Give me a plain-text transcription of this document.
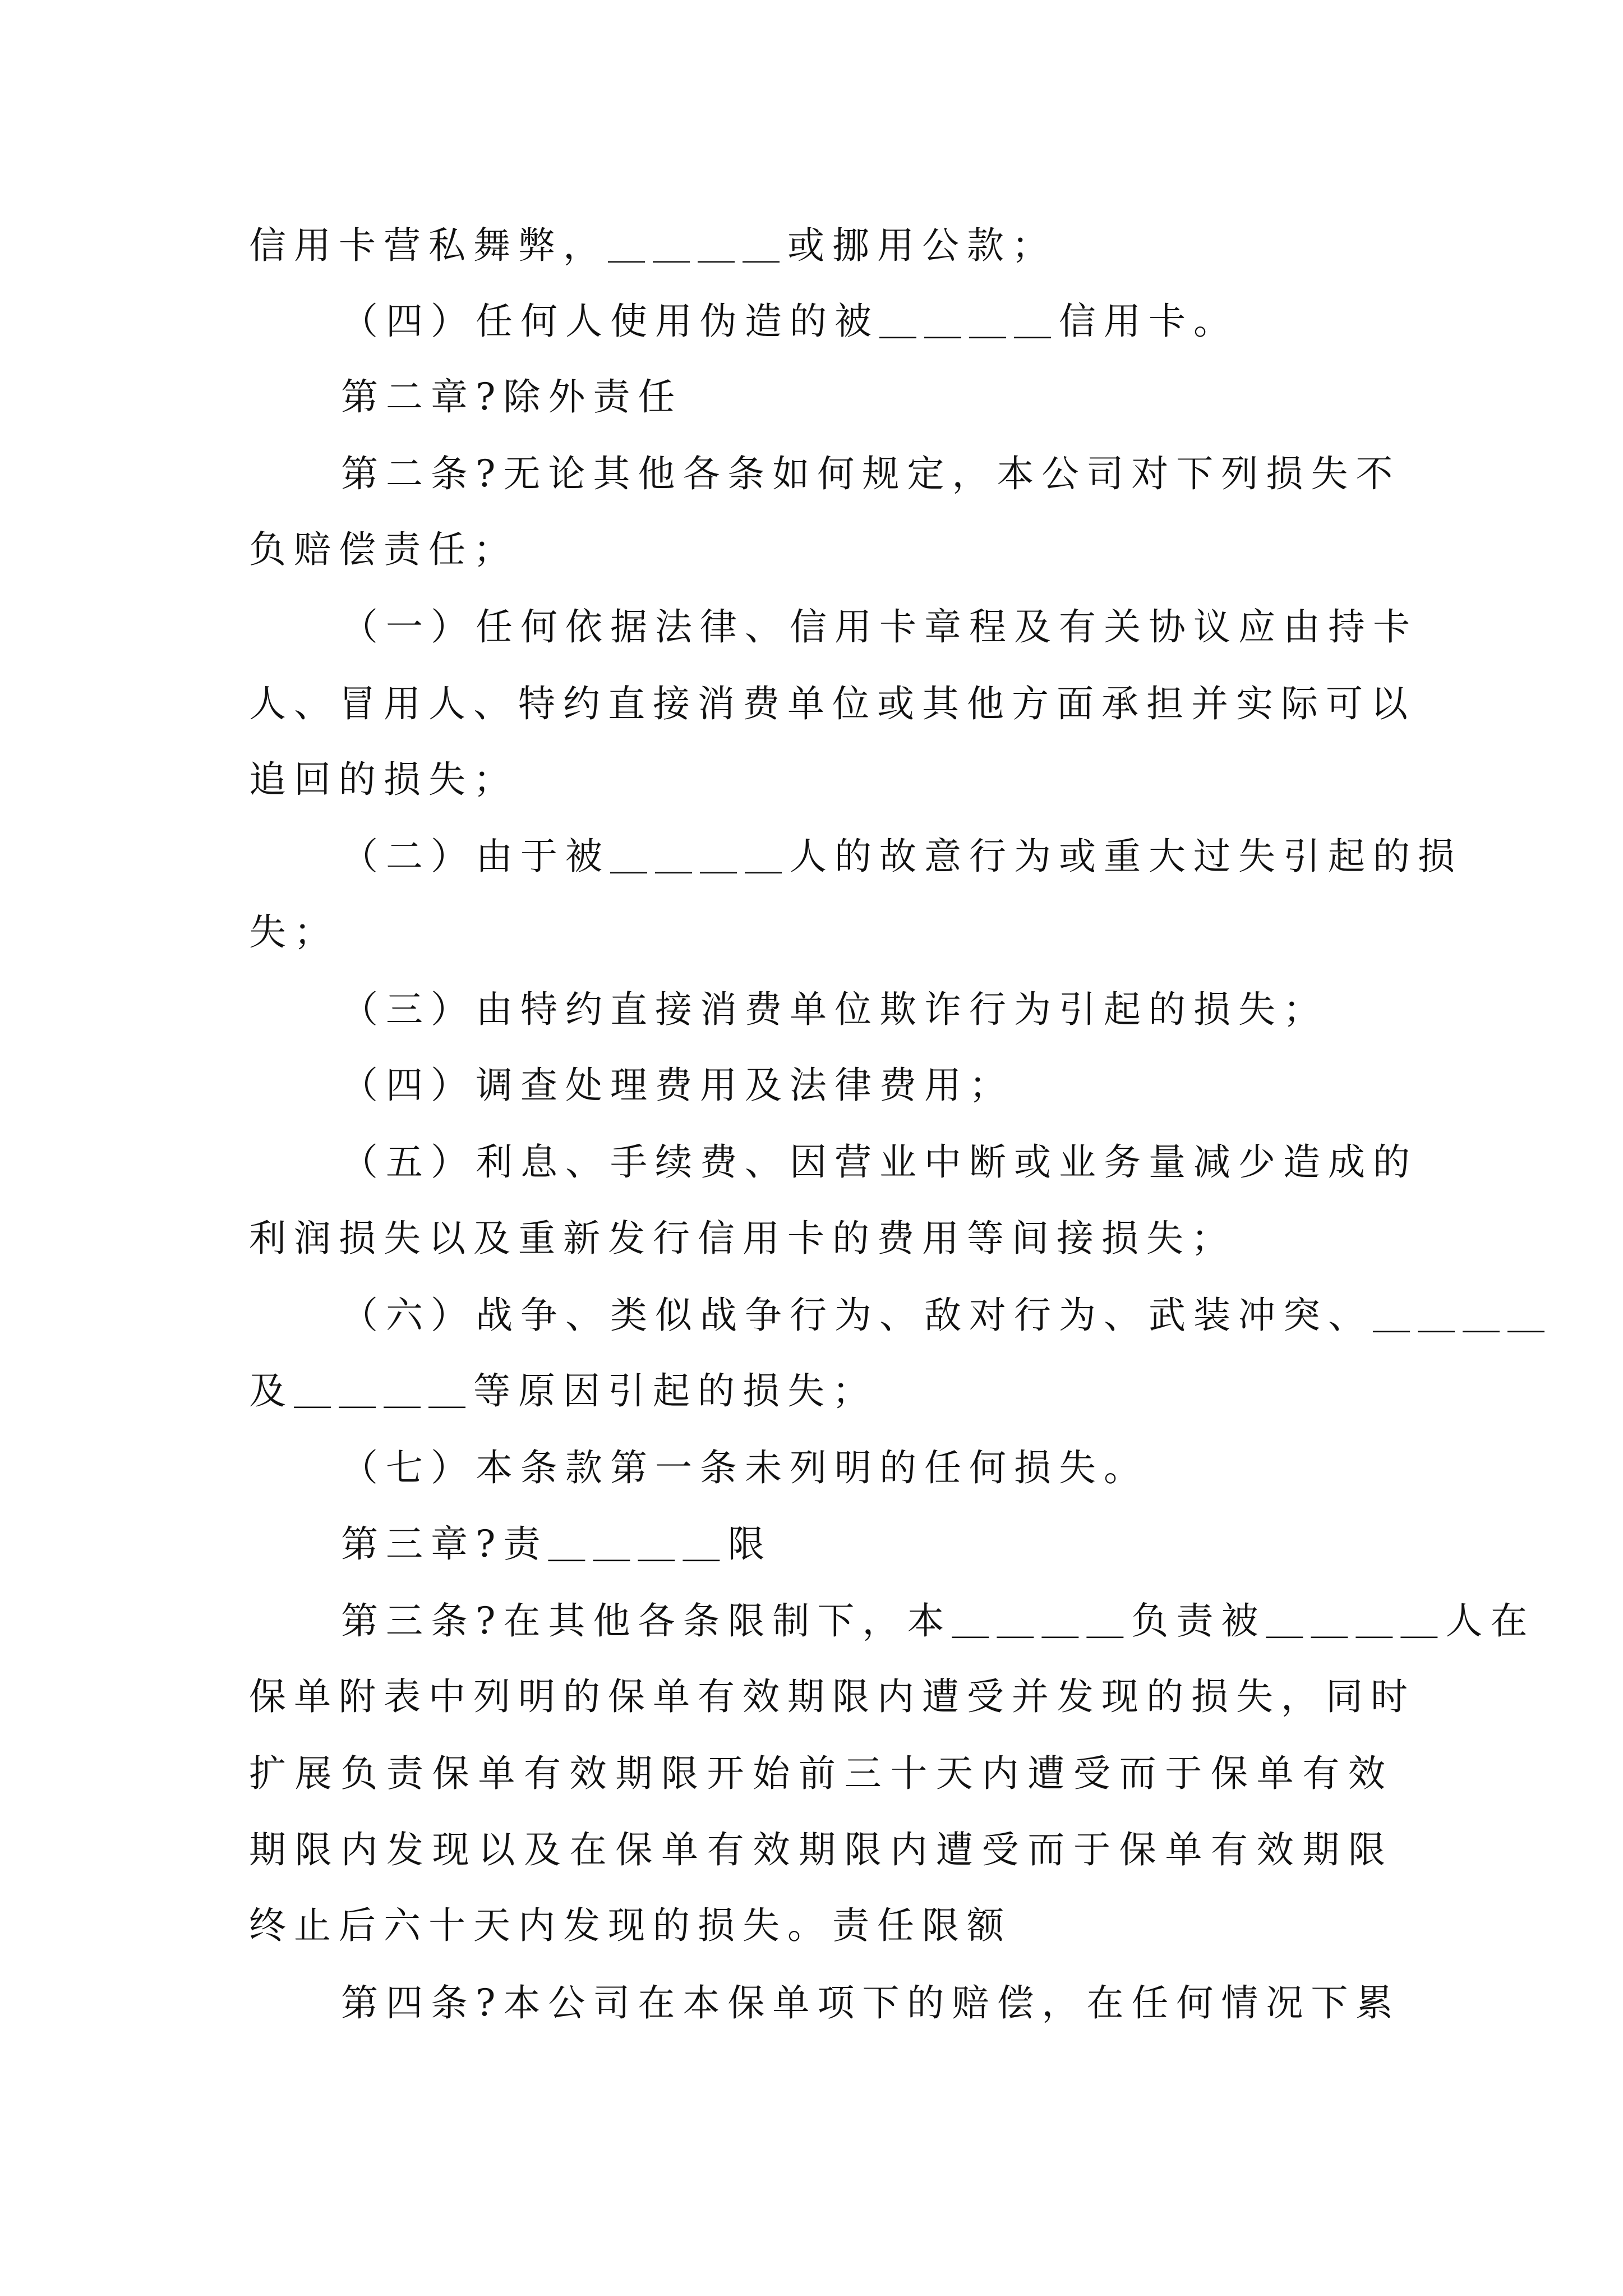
信用卡营私舞弊，＿＿＿＿或挪用公款；
（四）任何人使用伪造的被＿＿＿＿信用卡。
第二章?除外责任
第二条?无论其他各条如何规定，本公司对下列损失不
负赔偿责任；
（一）任何依据法律、信用卡章程及有关协议应由持卡
人、冒用人、特约直接消费单位或其他方面承担并实际可以
追回的损失；
（二）由于被＿＿＿＿人的故意行为或重大过失引起的损
失；
（三）由特约直接消费单位欺诈行为引起的损失；
（四）调查处理费用及法律费用；
（五）利息、手续费、因营业中断或业务量减少造成的
利润损失以及重新发行信用卡的费用等间接损失；
（六）战争、类似战争行为、敌对行为、武装冲突、＿＿＿＿
及＿＿＿＿等原因引起的损失；
（七）本条款第一条未列明的任何损失。
第三章?责＿＿＿＿限
第三条?在其他各条限制下，本＿＿＿＿负责被＿＿＿＿人在
保单附表中列明的保单有效期限内遭受并发现的损失，同时
扩展负责保单有效期限开始前三十天内遭受而于保单有效
期限内发现以及在保单有效期限内遭受而于保单有效期限
终止后六十天内发现的损失。责任限额
第四条?本公司在本保单项下的赔偿，在任何情况下累
